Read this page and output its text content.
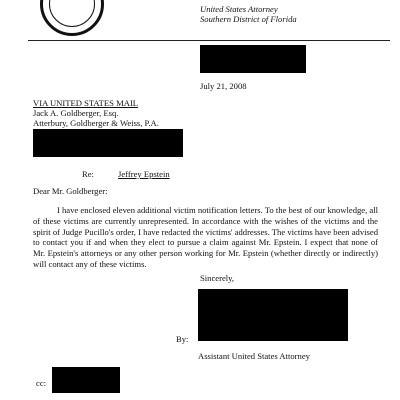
United States Attorney
Southern District of Florida
July 21, 2008
VIA UNITED STATES MAIL
Jack A. Goldberger, Esq.
Atterbury, Goldberger & Weiss, P.A.
Re:	Jeffrey Epstein
Dear Mr. Goldberger:
I have enclosed eleven additional victim notification letters. To the best of our knowledge, all of these victims are currently unrepresented. In accordance with the wishes of the victims and the spirit of Judge Pucillo's order, I have redacted the victims' addresses. The victims have been advised to contact you if and when they elect to pursue a claim against Mr. Epstein. I expect that none of Mr. Epstein's attorneys or any other person working for Mr. Epstein (whether directly or indirectly) will contact any of these victims.
Sincerely,
By:
Assistant United States Attorney
cc:
